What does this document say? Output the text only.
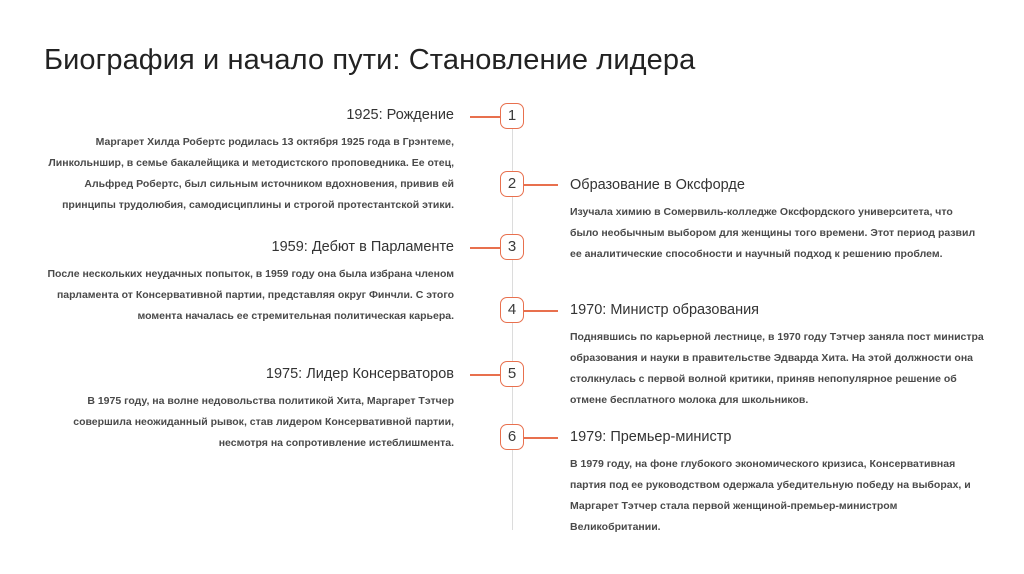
Биография и начало пути: Становление лидера
1

1925: Рождение

Маргарет Хилда Робертс родилась 13 октября 1925 года в Грэнтеме, Линкольншир, в семье бакалейщика и методистского проповедника. Ее отец, Альфред Робертс, был сильным источником вдохновения, привив ей принципы трудолюбия, самодисциплины и строгой протестантской этики.

2	Образование в Оксфорде

Изучала химию в Сомервиль-колледже Оксфордского университета, что было необычным выбором для женщины того времени. Этот период развил ее аналитические способности и научный подход к решению проблем.

3

1959: Дебют в Парламенте

После нескольких неудачных попыток, в 1959 году она была избрана членом парламента от Консервативной партии, представляя округ Финчли. С этого момента началась ее стремительная политическая карьера.	4	1970: Министр образования

Поднявшись по карьерной лестнице, в 1970 году Тэтчер заняла пост министра образования и науки в правительстве Эдварда Хита. На этой должности она столкнулась с первой волной критики, приняв непопулярное решение об отмене бесплатного молока для школьников.

5

1975: Лидер Консерваторов

В 1975 году, на волне недовольства политикой Хита, Маргарет Тэтчер совершила неожиданный рывок, став лидером Консервативной партии, несмотря на сопротивление истеблишмента.	6	1979: Премьер-министр

В 1979 году, на фоне глубокого экономического кризиса, Консервативная партия под ее руководством одержала убедительную победу на выборах, и Маргарет Тэтчер стала первой женщиной-премьер-министром Великобритании.
